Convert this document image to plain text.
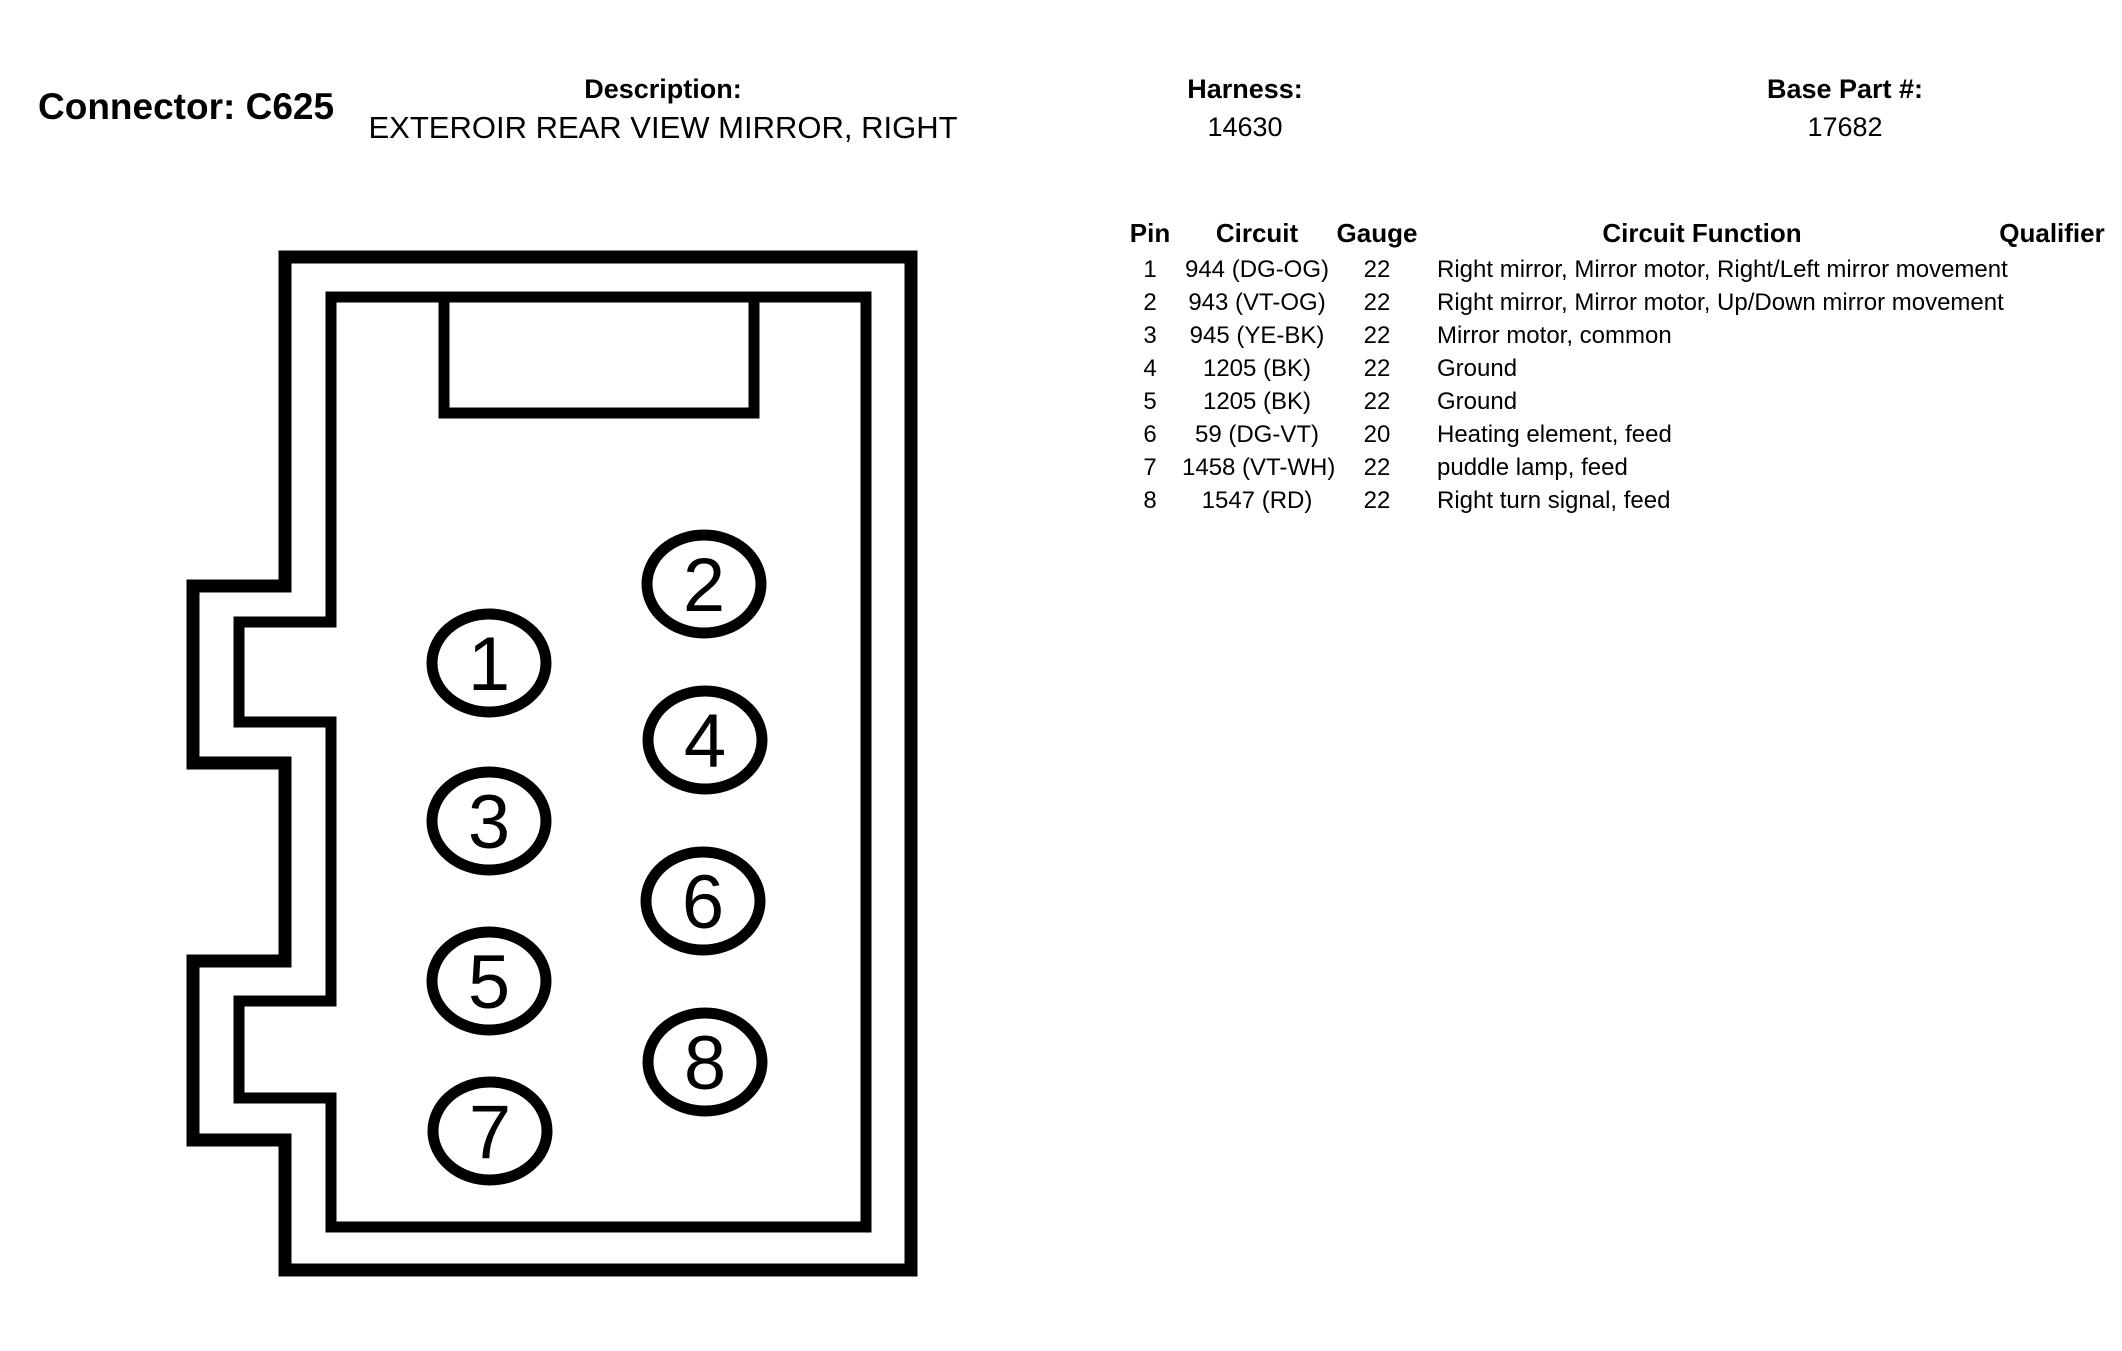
Connector: C625	Description:
EXTEROIR REAR VIEW MIRROR, RIGHT
Harness:
14630
Base Part #:
17682
Pin	Circuit	Gauge	Circuit Function	Qualifier
1	944 (DG-OG)	22	Right mirror, Mirror motor, Right/Left mirror movement
2	943 (VT-OG)	22	Right mirror, Mirror motor, Up/Down mirror movement
3	945 (YE-BK)	22	Mirror motor, common
4	1205 (BK)	22	Ground
5	1205 (BK)	22	Ground
6	59 (DG-VT)	20	Heating element, feed
7	1458 (VT-WH)	22	puddle lamp, feed
8	1547 (RD)	22	Right turn signal, feed
1
2
3
4
5
6
7
8
